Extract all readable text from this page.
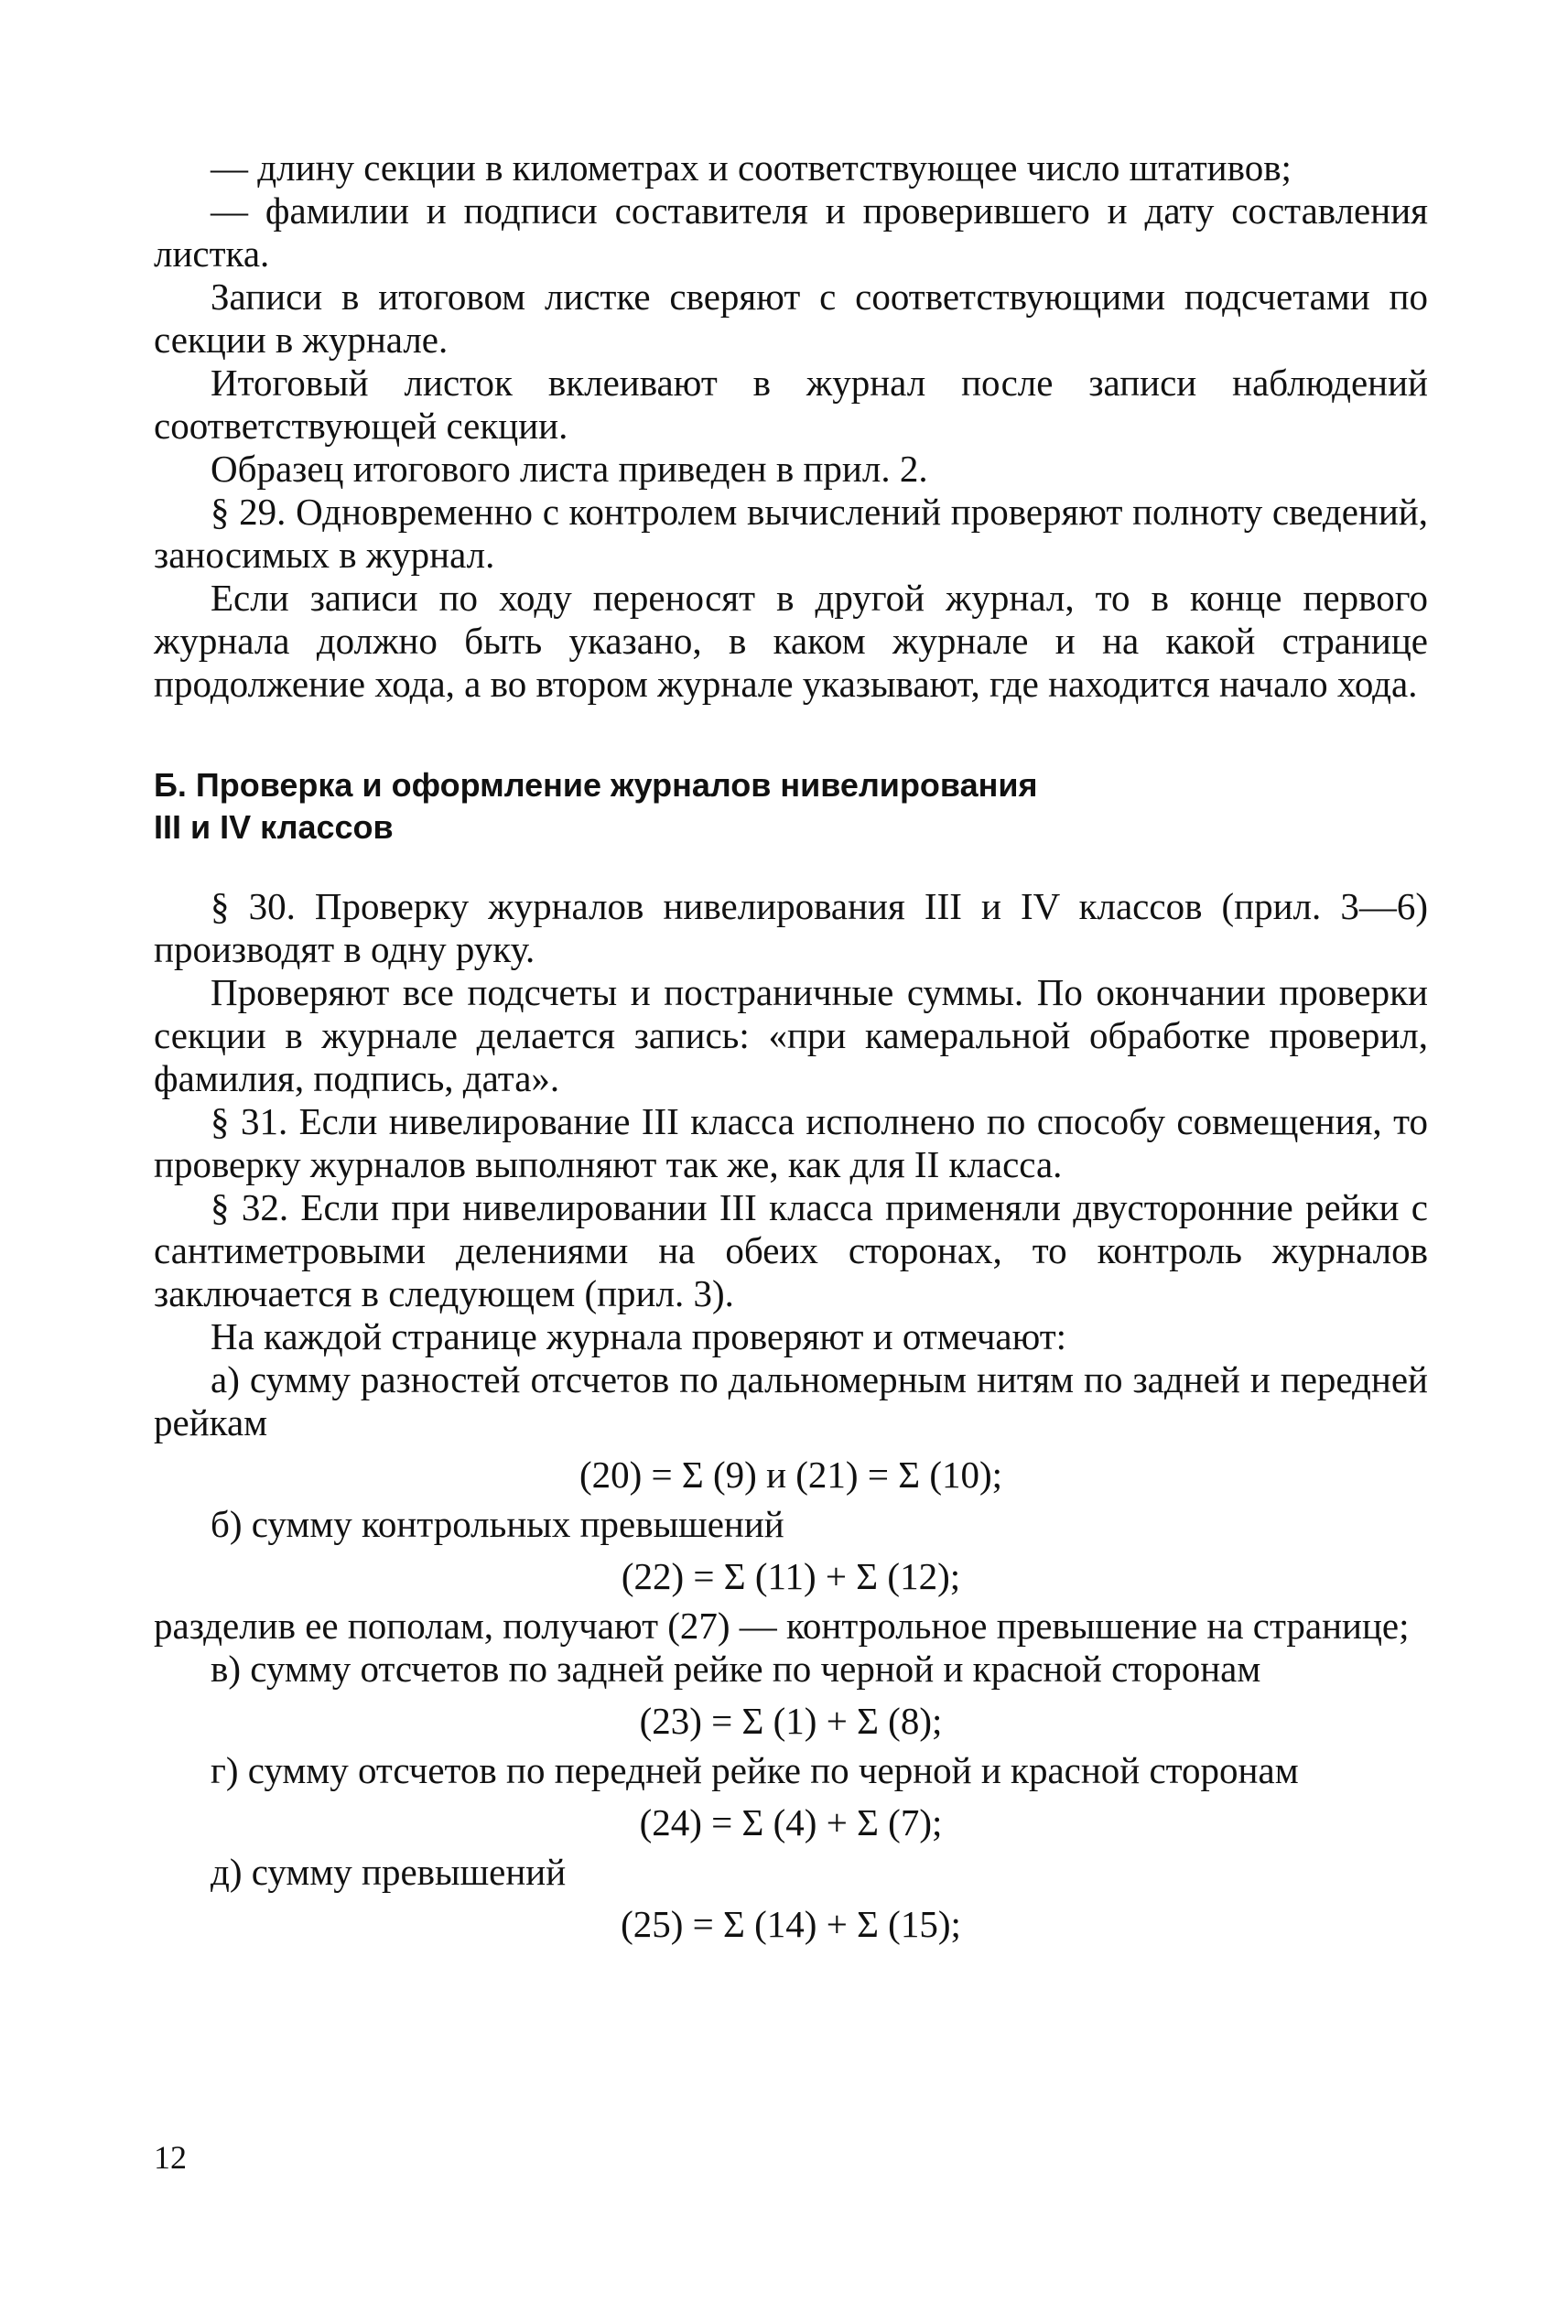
— длину секции в километрах и соответствующее число штативов;

— фамилии и подписи составителя и проверившего и дату составления листка.

Записи в итоговом листке сверяют с соответствующими подсчетами по секции в журнале.

Итоговый листок вклеивают в журнал после записи наблюдений соответствующей секции.

Образец итогового листа приведен в прил. 2.

§ 29. Одновременно с контролем вычислений проверяют полноту сведений, заносимых в журнал.

Если записи по ходу переносят в другой журнал, то в конце первого журнала должно быть указано, в каком журнале и на какой странице продолжение хода, а во втором журнале указывают, где находится начало хода.

Б. Проверка и оформление журналов нивелирования
III и IV классов

§ 30. Проверку журналов нивелирования III и IV классов (прил. 3—6) производят в одну руку.

Проверяют все подсчеты и постраничные суммы. По окончании проверки секции в журнале делается запись: «при камеральной обработке проверил, фамилия, подпись, дата».

§ 31. Если нивелирование III класса исполнено по способу совмещения, то проверку журналов выполняют так же, как для II класса.

§ 32. Если при нивелировании III класса применяли двусторонние рейки с сантиметровыми делениями на обеих сторонах, то контроль журналов заключается в следующем (прил. 3).

На каждой странице журнала проверяют и отмечают:

а) сумму разностей отсчетов по дальномерным нитям по задней и передней рейкам

(20) = Σ (9) и (21) = Σ (10);

б) сумму контрольных превышений

(22) = Σ (11) + Σ (12);

разделив ее пополам, получают (27) — контрольное превышение на странице;

в) сумму отсчетов по задней рейке по черной и красной сторонам

(23) = Σ (1) + Σ (8);

г) сумму отсчетов по передней рейке по черной и красной сторонам

(24) = Σ (4) + Σ (7);

д) сумму превышений

(25) = Σ (14) + Σ (15);
12
